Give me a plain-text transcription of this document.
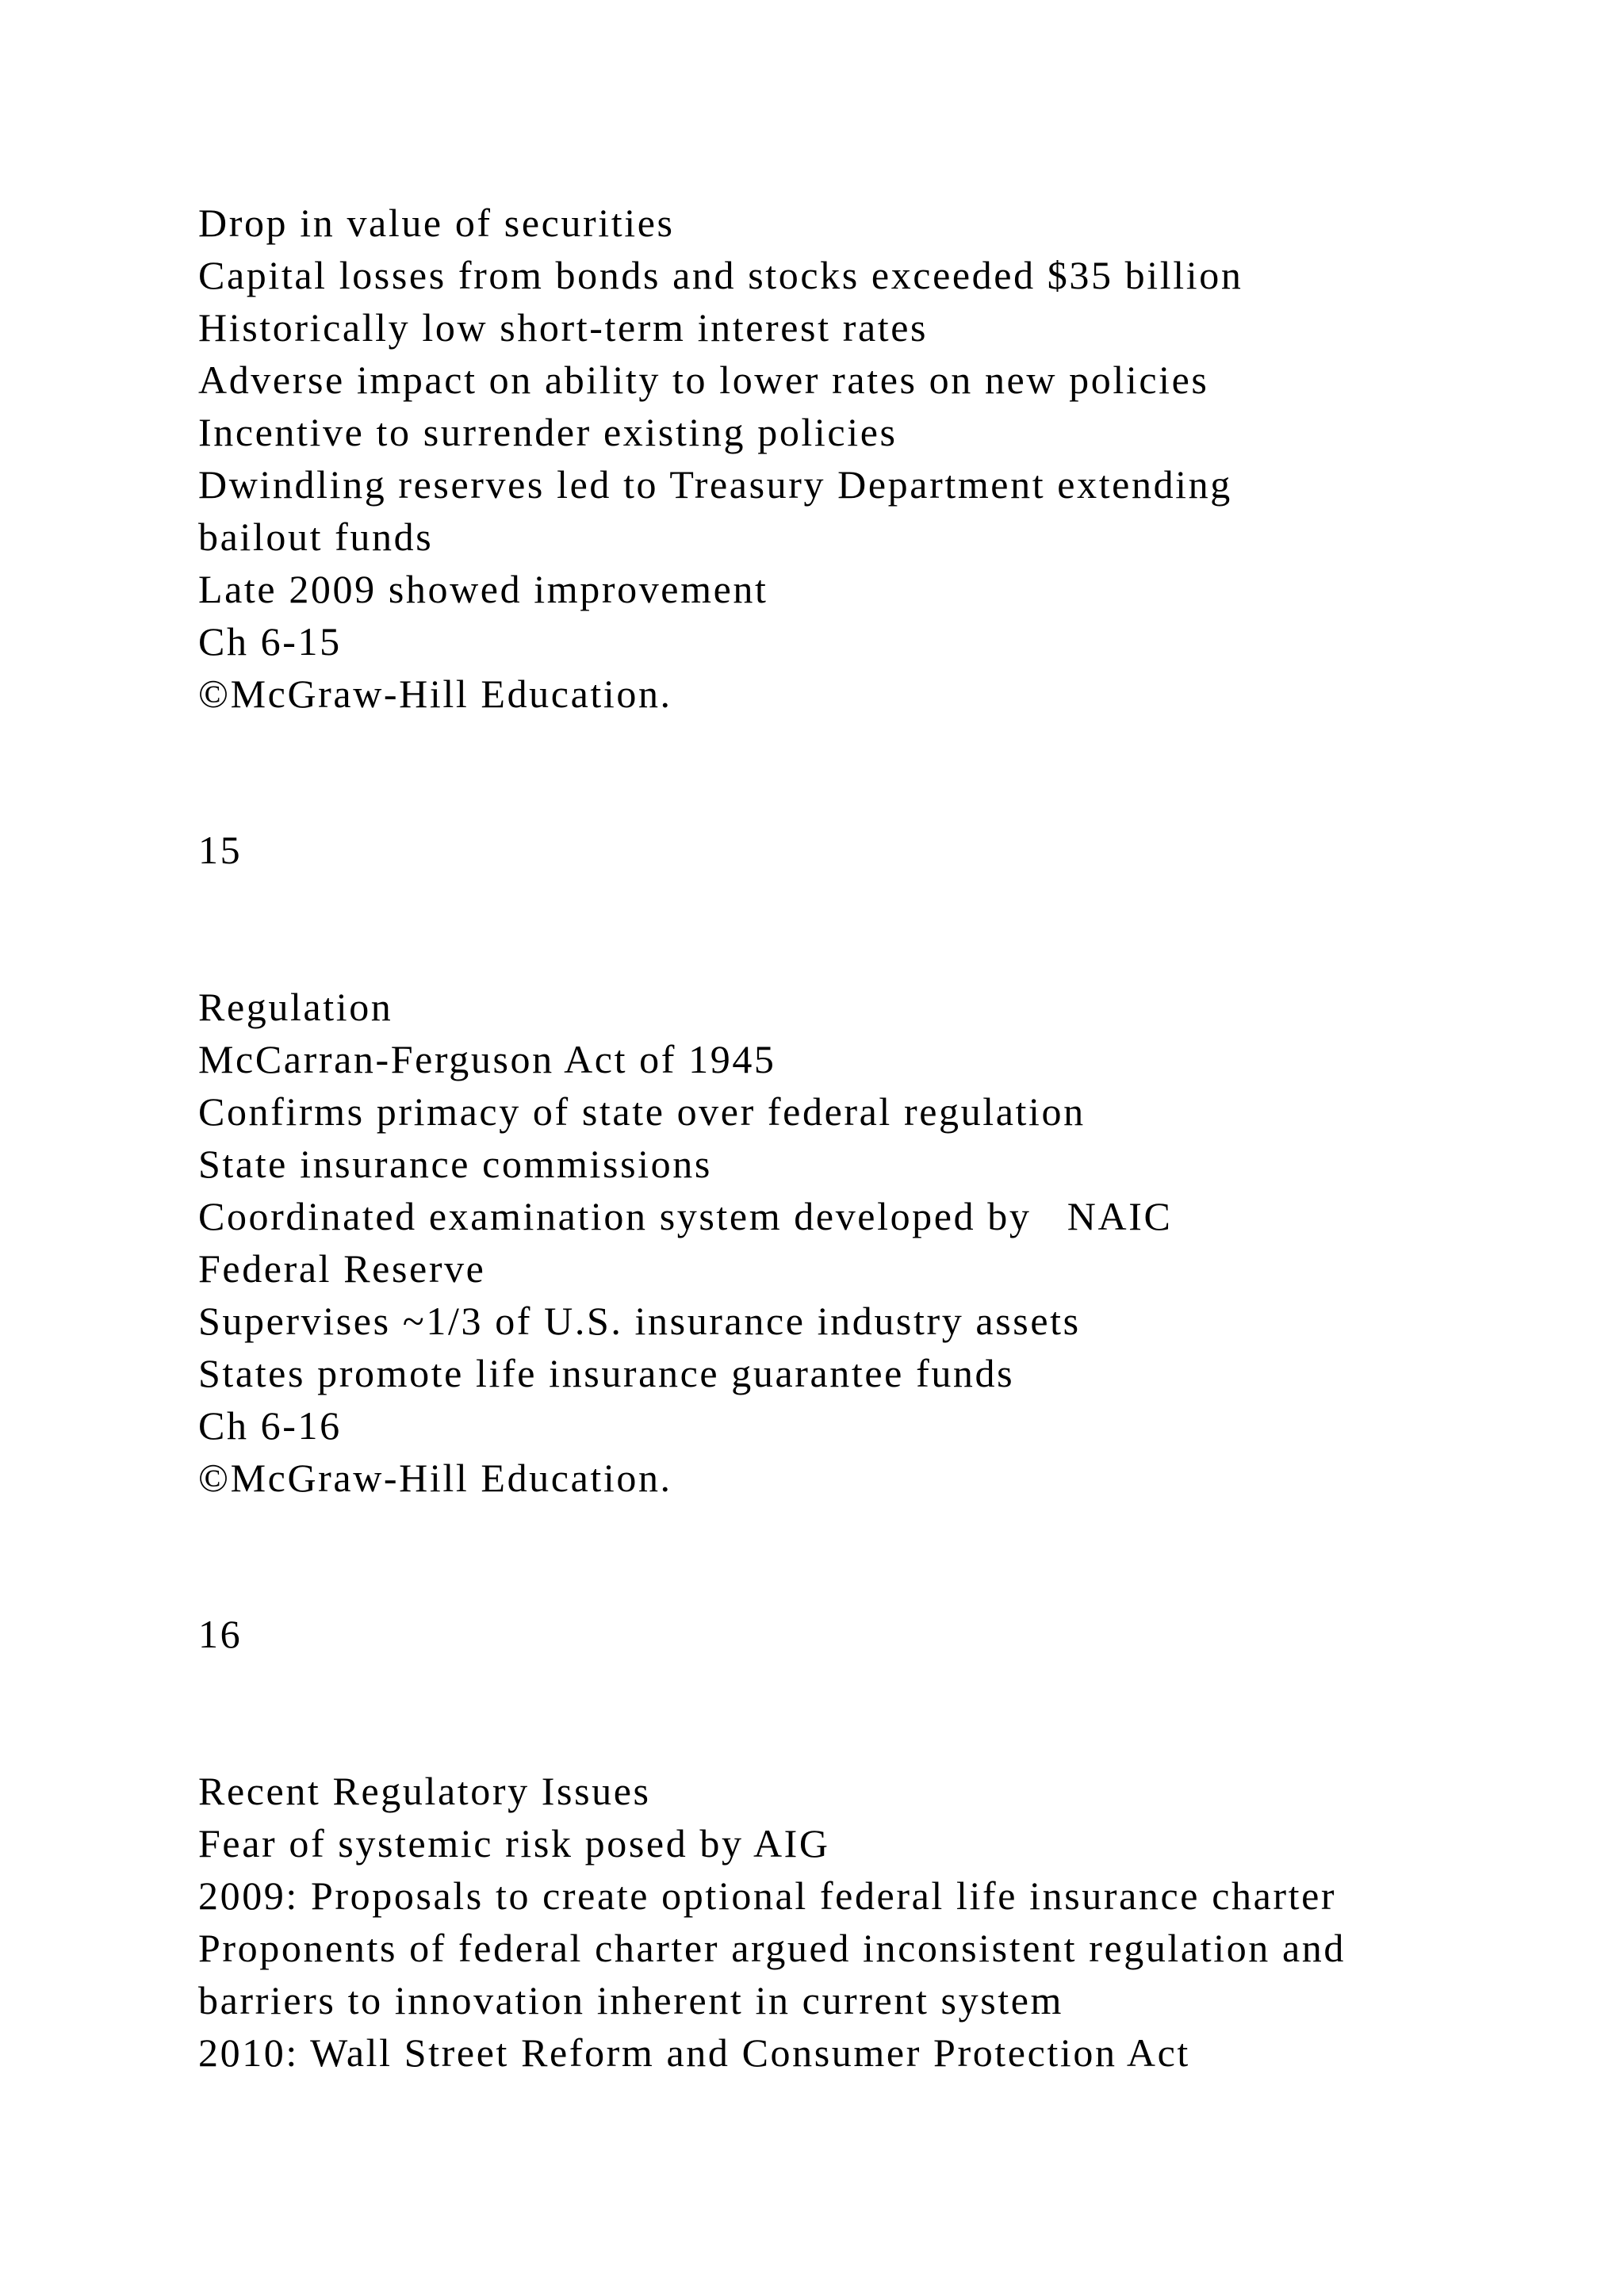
Drop in value of securities

Capital losses from bonds and stocks exceeded $35 billion

Historically low short-term interest rates

Adverse impact on ability to lower rates on new policies

Incentive to surrender existing policies

Dwindling reserves led to Treasury Department extending

bailout funds

Late 2009 showed improvement

Ch 6-15

©McGraw-Hill Education.

15

Regulation

McCarran-Ferguson Act of 1945

Confirms primacy of state over federal regulation

State insurance commissions

Coordinated examination system developed by   NAIC

Federal Reserve

Supervises ~1/3 of U.S. insurance industry assets

States promote life insurance guarantee funds

Ch 6-16

©McGraw-Hill Education.

16

Recent Regulatory Issues

Fear of systemic risk posed by AIG

2009: Proposals to create optional federal life insurance charter

Proponents of federal charter argued inconsistent regulation and

barriers to innovation inherent in current system

2010: Wall Street Reform and Consumer Protection Act
